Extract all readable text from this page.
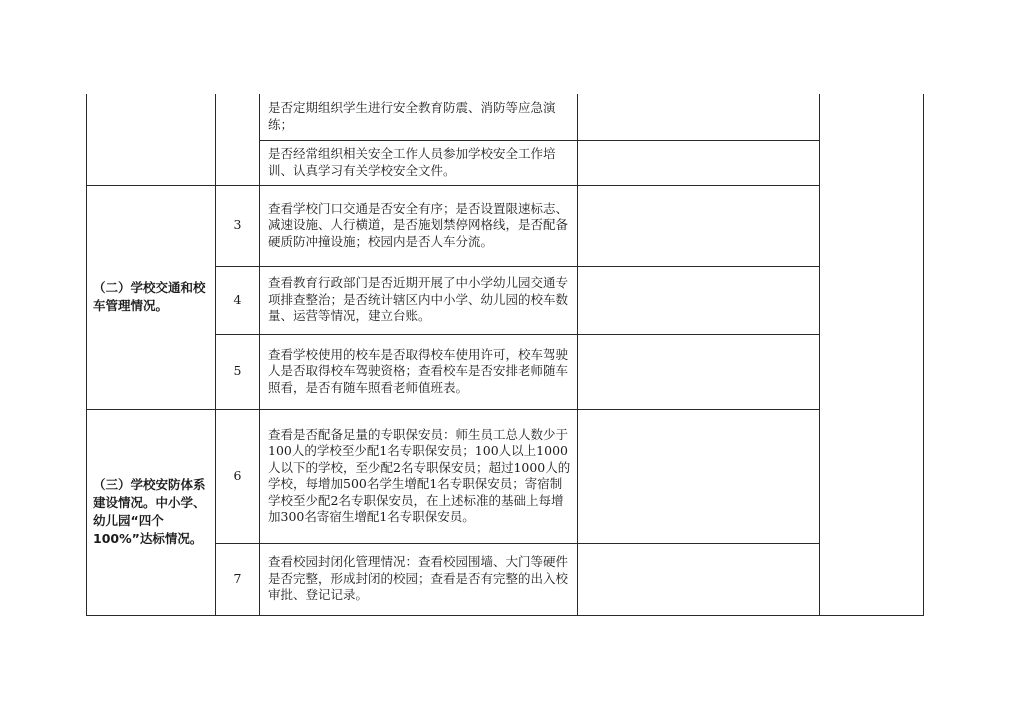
		是否定期组织学生进行安全教育防震、消防等应急演练；		
		是否经常组织相关安全工作人员参加学校安全工作培训、认真学习有关学校安全文件。		

（二）学校交通和校车管理情况。	3	查看学校门口交通是否安全有序；是否设置限速标志、减速设施、人行横道，是否施划禁停网格线，是否配备硬质防冲撞设施；校园内是否人车分流。		
	4	查看教育行政部门是否近期开展了中小学幼儿园交通专项排查整治；是否统计辖区内中小学、幼儿园的校车数量、运营等情况，建立台账。		
	5	查看学校使用的校车是否取得校车使用许可，校车驾驶人是否取得校车驾驶资格；查看校车是否安排老师随车照看，是否有随车照看老师值班表。		

（三）学校安防体系建设情况。中小学、幼儿园“四个100%”达标情况。	6	查看是否配备足量的专职保安员：师生员工总人数少于100人的学校至少配1名专职保安员；100人以上1000人以下的学校，至少配2名专职保安员；超过1000人的学校，每增加500名学生增配1名专职保安员；寄宿制学校至少配2名专职保安员，在上述标准的基础上每增加300名寄宿生增配1名专职保安员。		
	7	查看校园封闭化管理情况：查看校园围墙、大门等硬件是否完整，形成封闭的校园；查看是否有完整的出入校审批、登记记录。		
